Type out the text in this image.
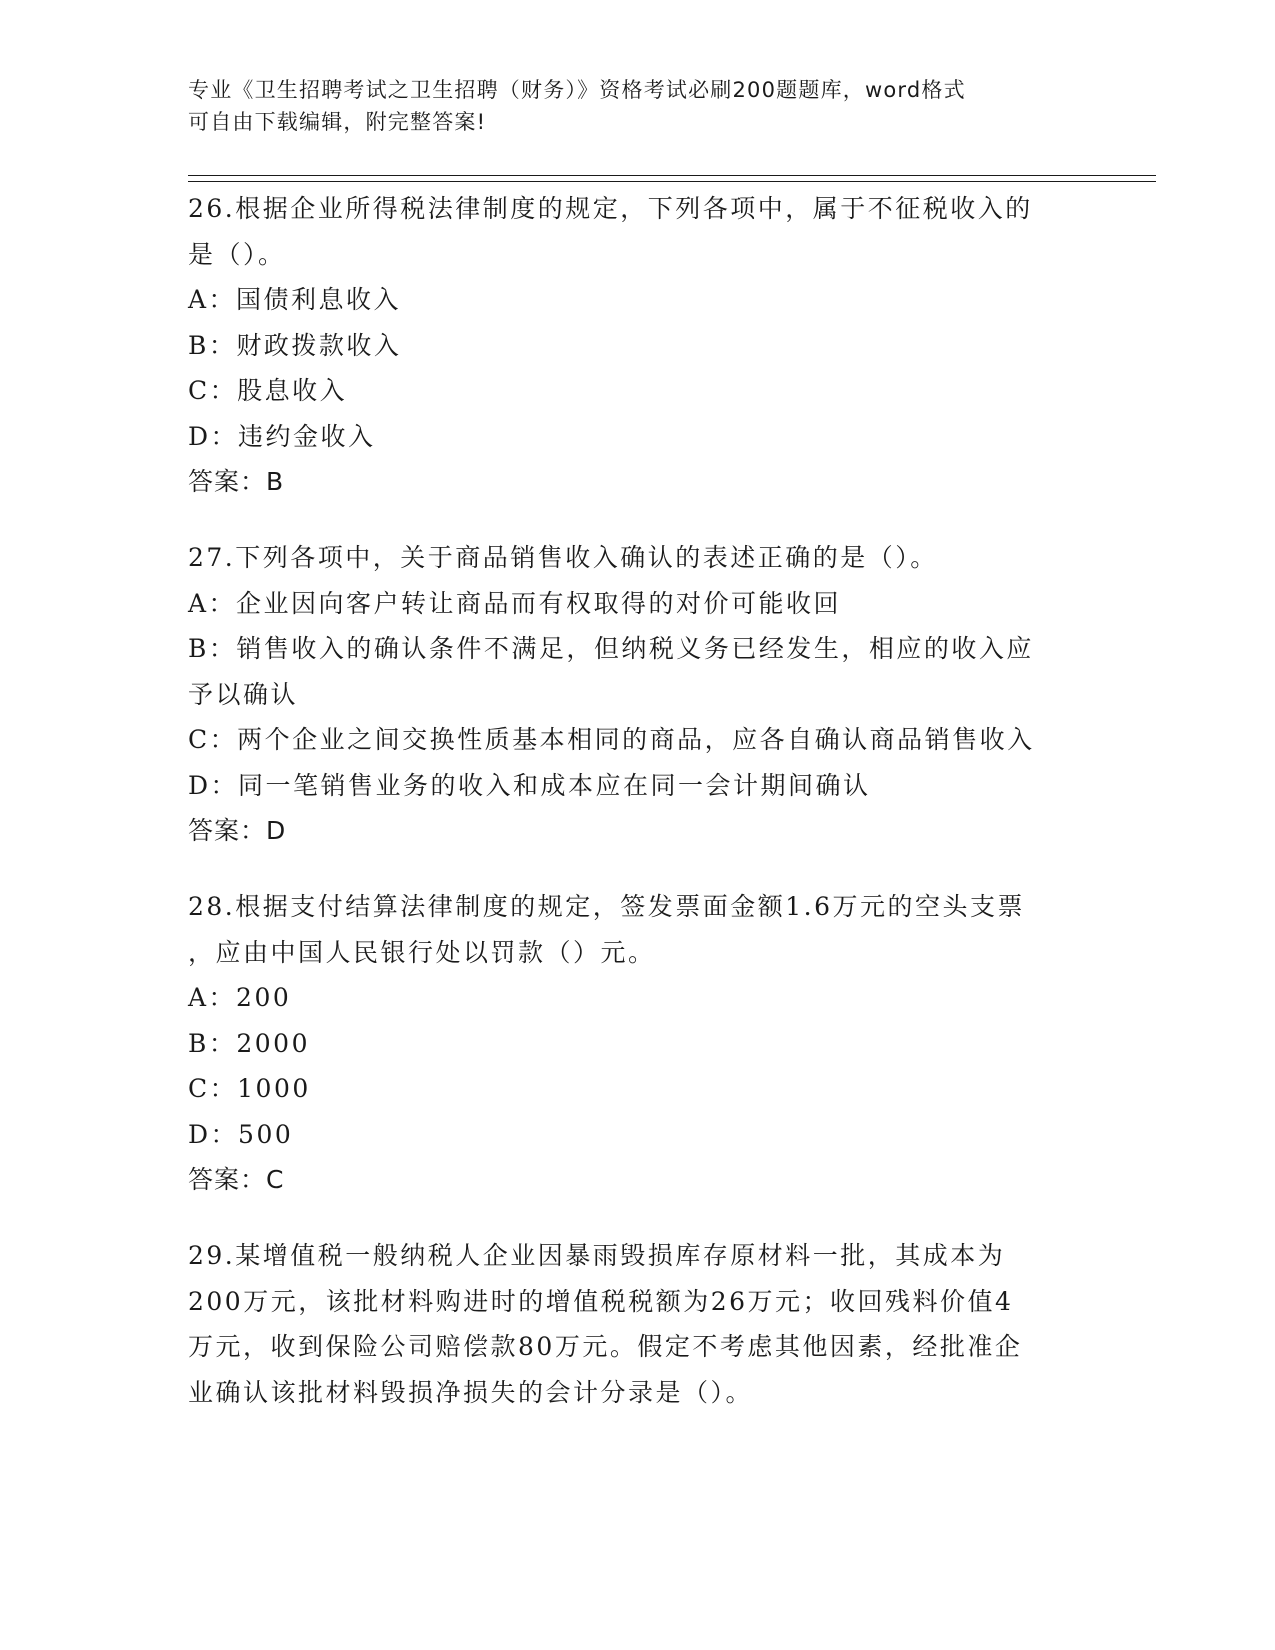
专业《卫生招聘考试之卫生招聘（财务）》资格考试必刷200题题库，word格式
可自由下载编辑，附完整答案!

26.根据企业所得税法律制度的规定，下列各项中，属于不征税收入的

是（）。

A：国债利息收入

B：财政拨款收入

C：股息收入

D：违约金收入

答案：B

27.下列各项中，关于商品销售收入确认的表述正确的是（）。

A：企业因向客户转让商品而有权取得的对价可能收回

B：销售收入的确认条件不满足，但纳税义务已经发生，相应的收入应

予以确认

C：两个企业之间交换性质基本相同的商品，应各自确认商品销售收入

D：同一笔销售业务的收入和成本应在同一会计期间确认

答案：D

28.根据支付结算法律制度的规定，签发票面金额1.6万元的空头支票

，应由中国人民银行处以罚款（）元。

A：200

B：2000

C：1000

D：500

答案：C

29.某增值税一般纳税人企业因暴雨毁损库存原材料一批，其成本为

200万元，该批材料购进时的增值税税额为26万元；收回残料价值4

万元，收到保险公司赔偿款80万元。假定不考虑其他因素，经批准企

业确认该批材料毁损净损失的会计分录是（）。
